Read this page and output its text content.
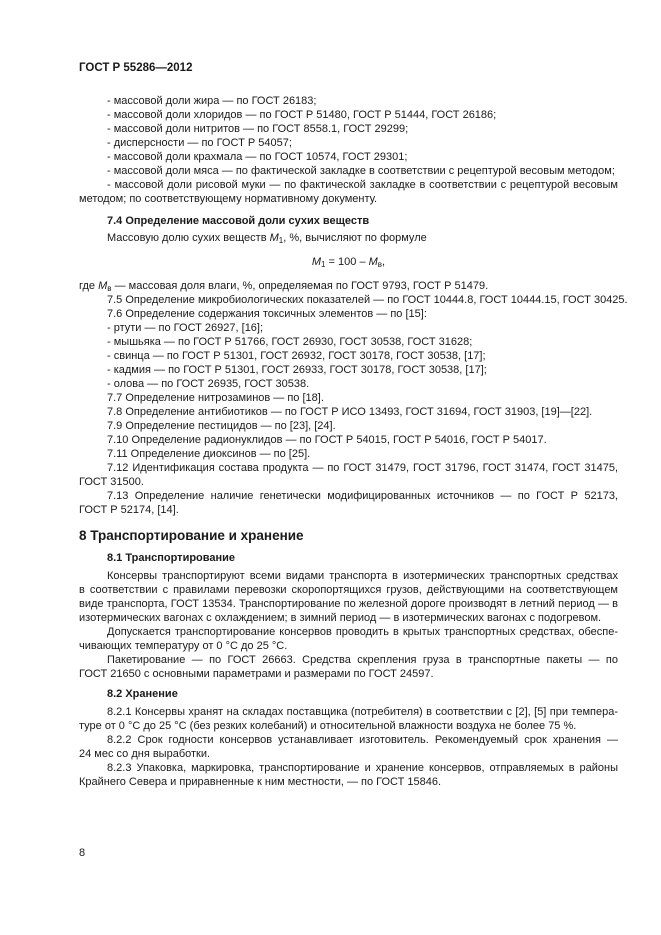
ГОСТ Р 55286—2012
- массовой доли жира — по ГОСТ 26183;
- массовой доли хлоридов — по ГОСТ Р 51480, ГОСТ Р 51444, ГОСТ 26186;
- массовой доли нитритов — по ГОСТ 8558.1, ГОСТ 29299;
- дисперсности — по ГОСТ Р 54057;
- массовой доли крахмала — по ГОСТ 10574, ГОСТ 29301;
- массовой доли мяса — по фактической закладке в соответствии с рецептурой весовым методом;
- массовой доли рисовой муки — по фактической закладке в соответствии с рецептурой весовым
методом; по соответствующему нормативному документу.
7.4 Определение массовой доли сухих веществ
Массовую долю сухих веществ $M_1$, %, вычисляют по формуле
$M_1 = 100 - M_в$,
где $M_в$ — массовая доля влаги, %, определяемая по ГОСТ 9793, ГОСТ Р 51479.
7.5 Определение микробиологических показателей — по ГОСТ 10444.8, ГОСТ 10444.15, ГОСТ 30425.
7.6 Определение содержания токсичных элементов — по [15]:
- ртути — по ГОСТ 26927, [16];
- мышьяка — по ГОСТ Р 51766, ГОСТ 26930, ГОСТ 30538, ГОСТ 31628;
- свинца — по ГОСТ Р 51301, ГОСТ 26932, ГОСТ 30178, ГОСТ 30538, [17];
- кадмия — по ГОСТ Р 51301, ГОСТ 26933, ГОСТ 30178, ГОСТ 30538, [17];
- олова — по ГОСТ 26935, ГОСТ 30538.
7.7 Определение нитрозаминов — по [18].
7.8 Определение антибиотиков — по ГОСТ Р ИСО 13493, ГОСТ 31694, ГОСТ 31903, [19]—[22].
7.9 Определение пестицидов — по [23], [24].
7.10 Определение радионуклидов — по ГОСТ Р 54015, ГОСТ Р 54016, ГОСТ Р 54017.
7.11 Определение диоксинов — по [25].
7.12 Идентификация состава продукта — по ГОСТ 31479, ГОСТ 31796, ГОСТ 31474, ГОСТ 31475,
ГОСТ 31500.
7.13 Определение наличие генетически модифицированных источников — по ГОСТ Р 52173,
ГОСТ Р 52174, [14].
8 Транспортирование и хранение
8.1 Транспортирование
Консервы транспортируют всеми видами транспорта в изотермических транспортных средствах
в соответствии с правилами перевозки скоропортящихся грузов, действующими на соответствующем
виде транспорта, ГОСТ 13534. Транспортирование по железной дороге производят в летний период — в
изотермических вагонах с охлаждением; в зимний период — в изотермических вагонах с подогревом.
Допускается транспортирование консервов проводить в крытых транспортных средствах, обеспе-
чивающих температуру от 0 °С до 25 °С.
Пакетирование — по ГОСТ 26663. Средства скрепления груза в транспортные пакеты — по
ГОСТ 21650 с основными параметрами и размерами по ГОСТ 24597.
8.2 Хранение
8.2.1 Консервы хранят на складах поставщика (потребителя) в соответствии с [2], [5] при темпера-
туре от 0 °С до 25 °С (без резких колебаний) и относительной влажности воздуха не более 75 %.
8.2.2 Срок годности консервов устанавливает изготовитель. Рекомендуемый срок хранения —
24 мес со дня выработки.
8.2.3 Упаковка, маркировка, транспортирование и хранение консервов, отправляемых в районы
Крайнего Севера и приравненные к ним местности, — по ГОСТ 15846.
8
